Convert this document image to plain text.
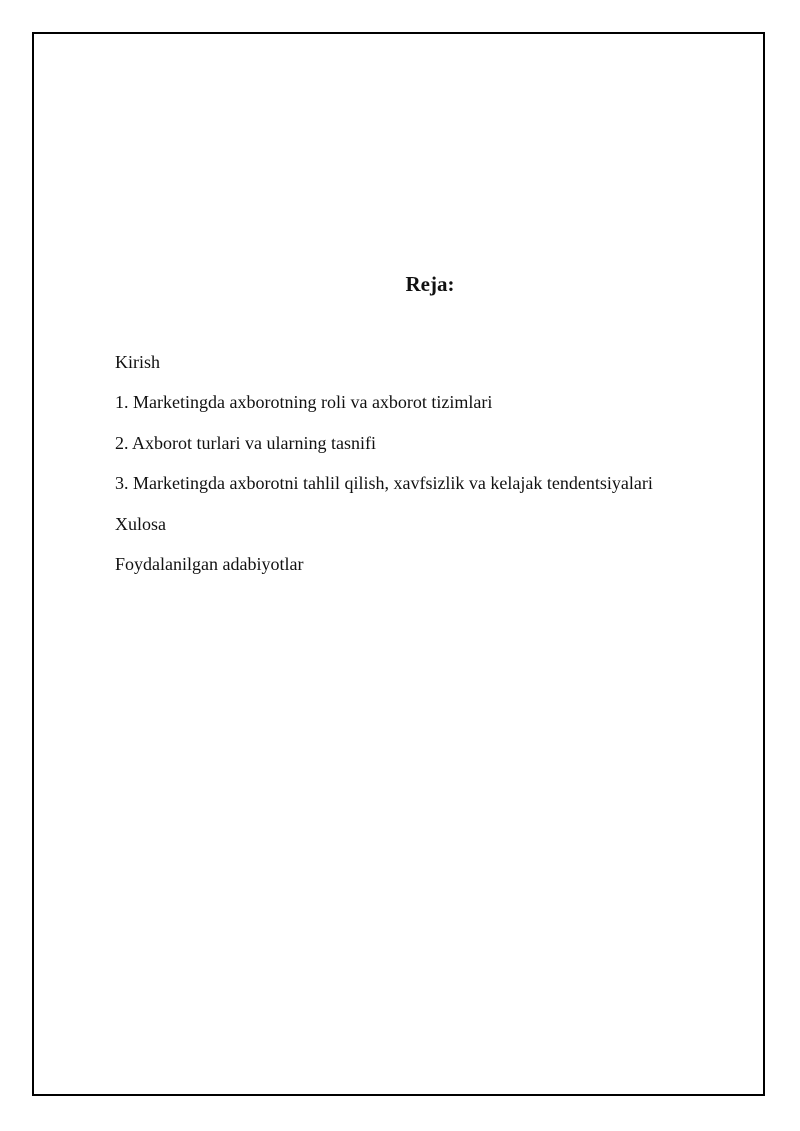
Reja:
Kirish
1. Marketingda axborotning roli va axborot tizimlari
2. Axborot turlari va ularning tasnifi
3. Marketingda axborotni tahlil qilish, xavfsizlik va kelajak tendentsiyalari
Xulosa
Foydalanilgan adabiyotlar
